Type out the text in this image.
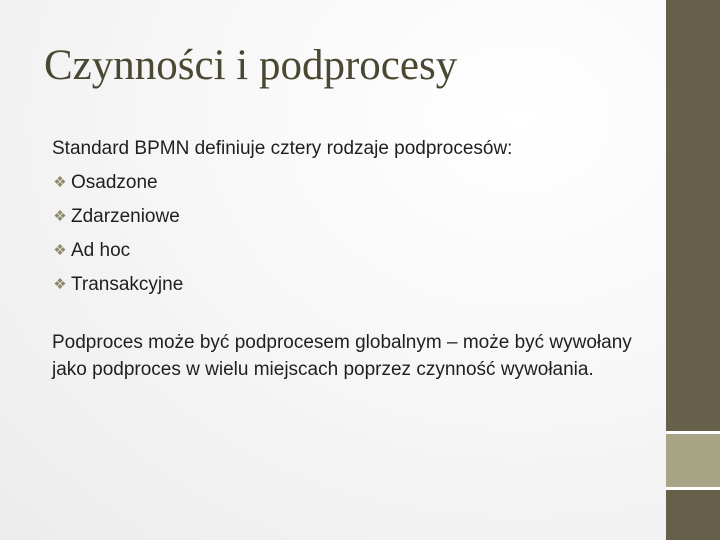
Czynności i podprocesy

Standard BPMN definiuje cztery rodzaje podprocesów:

❖ Osadzone
❖ Zdarzeniowe
❖ Ad hoc
❖ Transakcyjne

Podproces może być podprocesem globalnym – może być wywołany jako podproces w wielu miejscach poprzez czynność wywołania.
